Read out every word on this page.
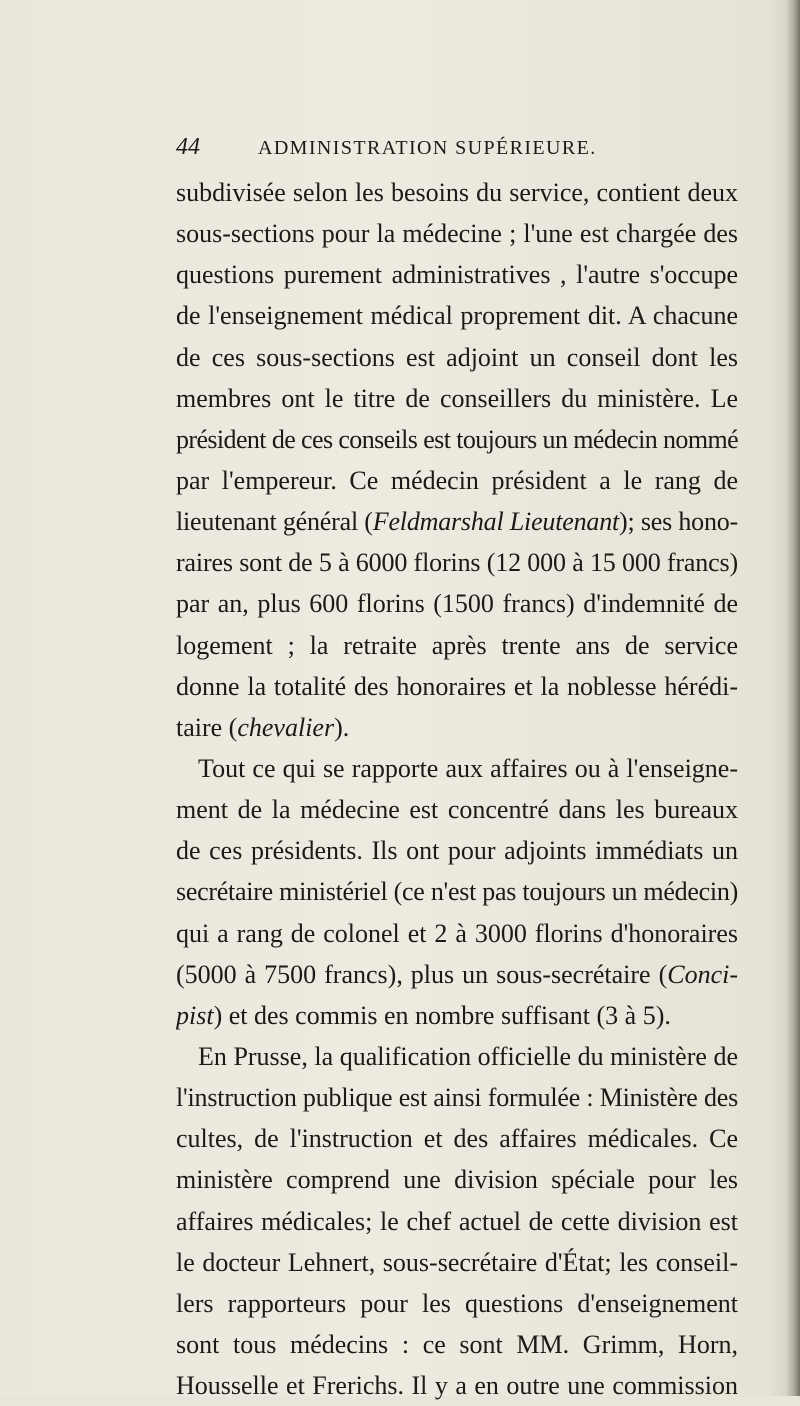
44	ADMINISTRATION SUPÉRIEURE.
subdivisée selon les besoins du service, contient deux
sous-sections pour la médecine ; l'une est chargée des
questions purement administratives , l'autre s'occupe
de l'enseignement médical proprement dit. A chacune
de ces sous-sections est adjoint un conseil dont les
membres ont le titre de conseillers du ministère. Le
président de ces conseils est toujours un médecin nommé
par l'empereur. Ce médecin président a le rang de
lieutenant général (Feldmarshal Lieutenant); ses hono-
raires sont de 5 à 6000 florins (12 000 à 15 000 francs)
par an, plus 600 florins (1500 francs) d'indemnité de
logement ; la retraite après trente ans de service
donne la totalité des honoraires et la noblesse hérédi-
taire (chevalier).
Tout ce qui se rapporte aux affaires ou à l'enseigne-
ment de la médecine est concentré dans les bureaux
de ces présidents. Ils ont pour adjoints immédiats un
secrétaire ministériel (ce n'est pas toujours un médecin)
qui a rang de colonel et 2 à 3000 florins d'honoraires
(5000 à 7500 francs), plus un sous-secrétaire (Conci-
pist) et des commis en nombre suffisant (3 à 5).
En Prusse, la qualification officielle du ministère de
l'instruction publique est ainsi formulée : Ministère des
cultes, de l'instruction et des affaires médicales. Ce
ministère comprend une division spéciale pour les
affaires médicales; le chef actuel de cette division est
le docteur Lehnert, sous-secrétaire d'État; les conseil-
lers rapporteurs pour les questions d'enseignement
sont tous médecins : ce sont MM. Grimm, Horn,
Housselle et Frerichs. Il y a en outre une commission
